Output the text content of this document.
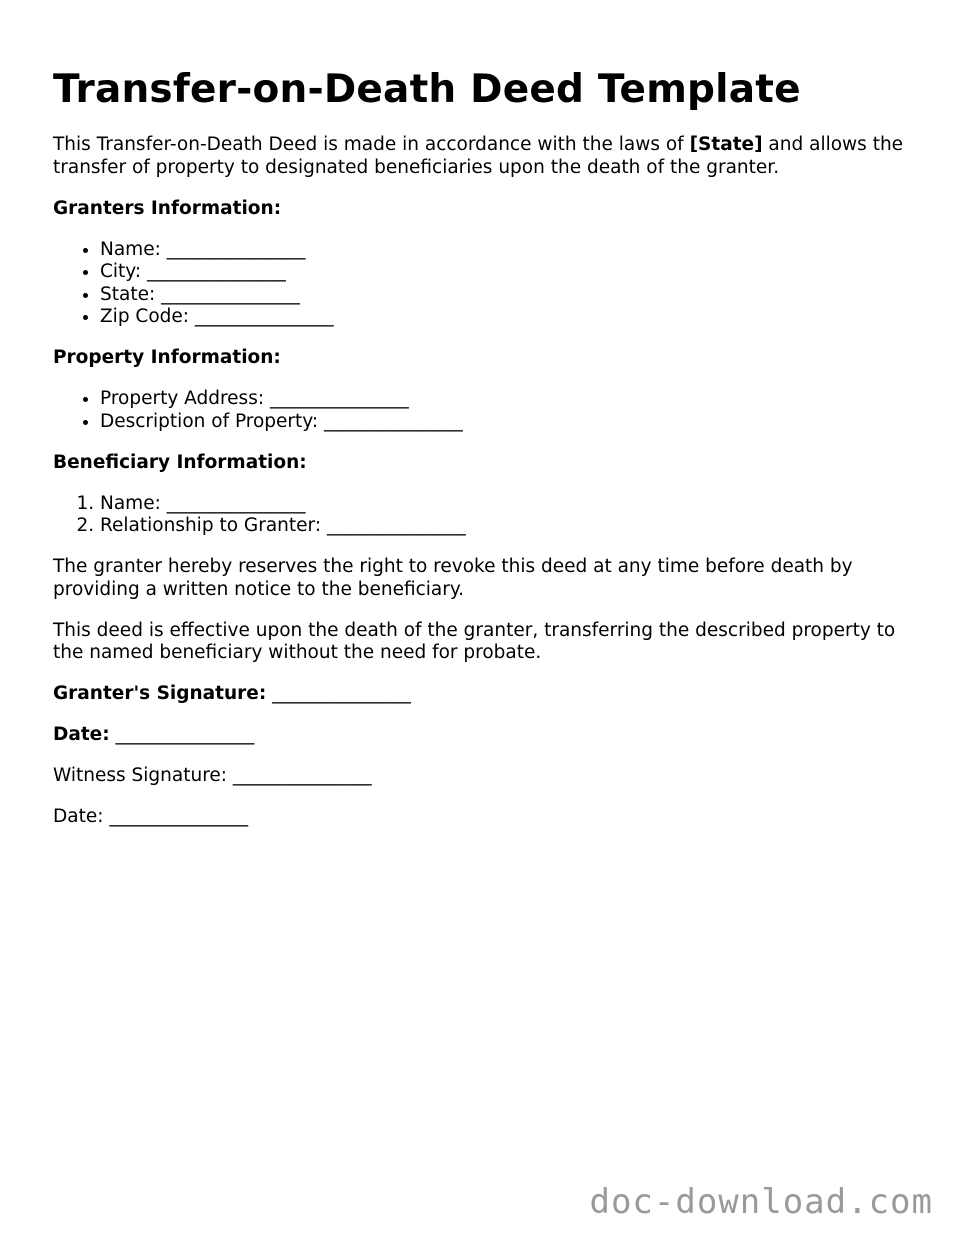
Transfer-on-Death Deed Template

This Transfer-on-Death Deed is made in accordance with the laws of [State] and allows the transfer of property to designated beneficiaries upon the death of the granter.

Granters Information:

• Name: _______________
• City: _______________
• State: _______________
• Zip Code: _______________

Property Information:

• Property Address: _______________
• Description of Property: _______________

Beneficiary Information:

1. Name: _______________
2. Relationship to Granter: _______________

The granter hereby reserves the right to revoke this deed at any time before death by providing a written notice to the beneficiary.

This deed is effective upon the death of the granter, transferring the described property to the named beneficiary without the need for probate.

Granter's Signature: _______________

Date: _______________

Witness Signature: _______________

Date: _______________

doc-download.com
